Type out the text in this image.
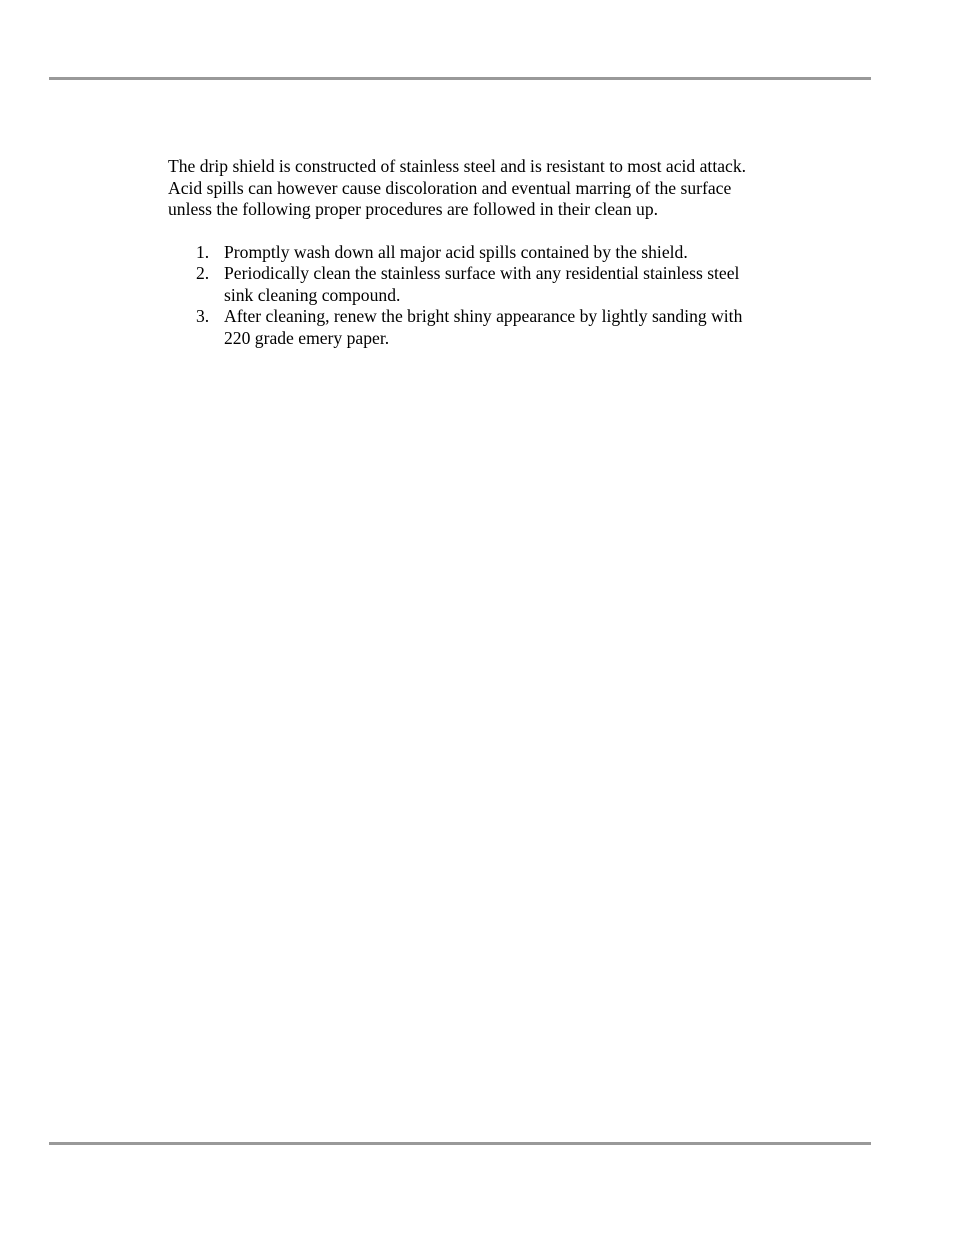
The drip shield is constructed of stainless steel and is resistant to most acid attack. Acid spills can however cause discoloration and eventual marring of the surface unless the following proper procedures are followed in their clean up.

1. Promptly wash down all major acid spills contained by the shield.
2. Periodically clean the stainless surface with any residential stainless steel sink cleaning compound.
3. After cleaning, renew the bright shiny appearance by lightly sanding with 220 grade emery paper.
